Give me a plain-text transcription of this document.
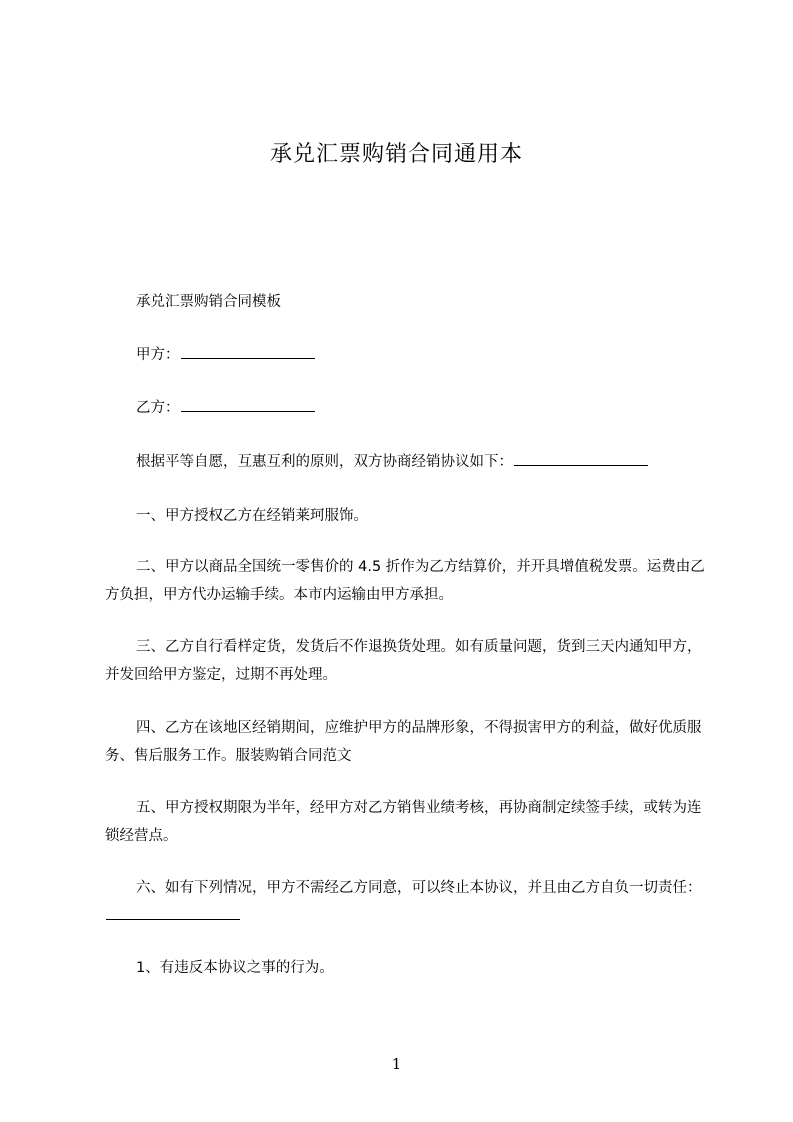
承兑汇票购销合同通用本

承兑汇票购销合同模板

甲方：

乙方：

根据平等自愿，互惠互利的原则，双方协商经销协议如下：

一、甲方授权乙方在经销莱珂服饰。

二、甲方以商品全国统一零售价的 4.5 折作为乙方结算价，并开具增值税发票。运费由乙方负担，甲方代办运输手续。本市内运输由甲方承担。

三、乙方自行看样定货，发货后不作退换货处理。如有质量问题，货到三天内通知甲方，并发回给甲方鉴定，过期不再处理。

四、乙方在该地区经销期间，应维护甲方的品牌形象，不得损害甲方的利益，做好优质服务、售后服务工作。服装购销合同范文

五、甲方授权期限为半年，经甲方对乙方销售业绩考核，再协商制定续签手续，或转为连锁经营点。

六、如有下列情况，甲方不需经乙方同意，可以终止本协议，并且由乙方自负一切责任：

1、有违反本协议之事的行为。

1
